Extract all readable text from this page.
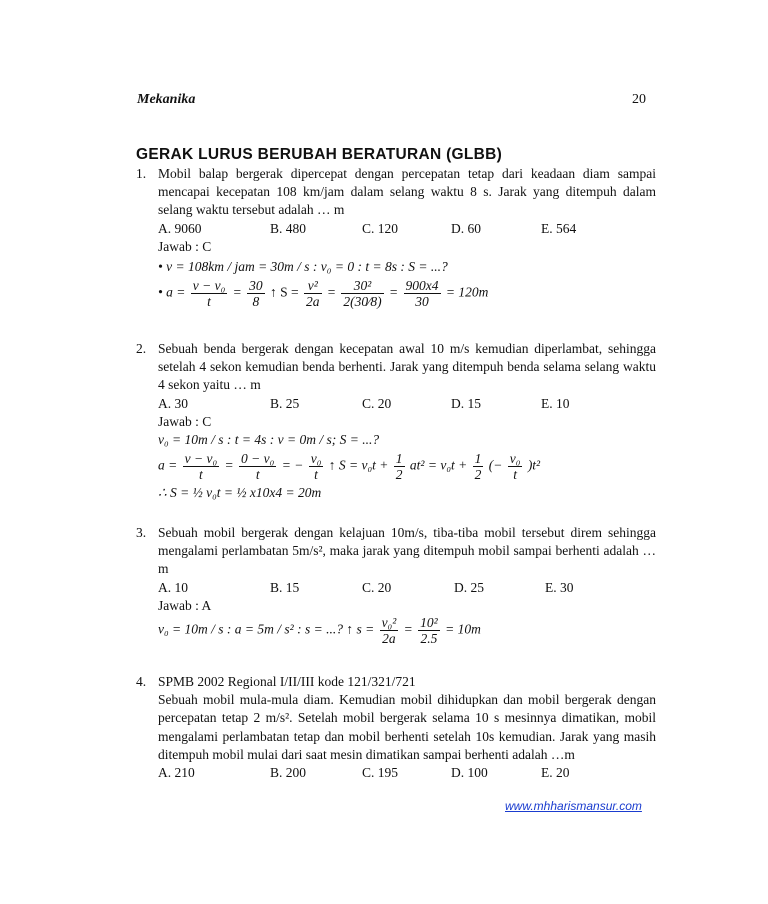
Mekanika	20
GERAK LURUS BERUBAH BERATURAN (GLBB)
1. Mobil balap bergerak dipercepat dengan percepatan tetap dari keadaan diam sampai mencapai kecepatan 108 km/jam dalam selang waktu 8 s. Jarak yang ditempuh dalam selang waktu tersebut adalah … m
A. 9060	B. 480	C. 120	D. 60	E. 564
Jawab : C
• v = 108km / jam = 30m / s : v₀ = 0 : t = 8s : S = ...?
• $a = \frac{\text{v − v₀}}{t} = \frac{30}{8}$ ↑ $S = \frac{\text{v²}}{2a} = \frac{\text{30²}}{2(30⁄8)} = \frac{900x4}{30} = 120m$
2. Sebuah benda bergerak dengan kecepatan awal 10 m/s kemudian diperlambat, sehingga setelah 4 sekon kemudian benda berhenti. Jarak yang ditempuh benda selama selang waktu 4 sekon yaitu … m
A. 30	B. 25	C. 20	D. 15	E. 10
Jawab : C
v₀ = 10m / s : t = 4s : v = 0m / s; S = ...?
$a = \frac{\text{v − v₀}}{t} = \frac{\text{0 − v₀}}{t}$ = − $\frac{\text{v₀}}{t}$ ↑ $S = v_0t + \frac{1}{2} at^2 = v_0t + \frac{1}{2}$ (− $\frac{\text{v₀}}{t} )t^2$
∴ S = ½ v₀t = ½ x10x4 = 20m
3. Sebuah mobil bergerak dengan kelajuan 10m/s, tiba-tiba mobil tersebut direm sehingga mengalami perlambatan 5m/s², maka jarak yang ditempuh mobil sampai berhenti adalah … m
A. 10	B. 15	C. 20	D. 25	E. 30
Jawab : A
v₀ = 10m / s : a = 5m / s² : s = ...? ↑ $s = \frac{\text{v₀²}}{2a} = \frac{\text{10²}}{2.5} = 10m$
4. SPMB 2002 Regional I/II/III kode 121/321/721
Sebuah mobil mula-mula diam. Kemudian mobil dihidupkan dan mobil bergerak dengan percepatan tetap 2 m/s². Setelah mobil bergerak selama 10 s mesinnya dimatikan, mobil mengalami perlambatan tetap dan mobil berhenti setelah 10s kemudian. Jarak yang masih ditempuh mobil mulai dari saat mesin dimatikan sampai berhenti adalah …m
A. 210	B. 200	C. 195	D. 100	E. 20
www.mhharismansur.com
